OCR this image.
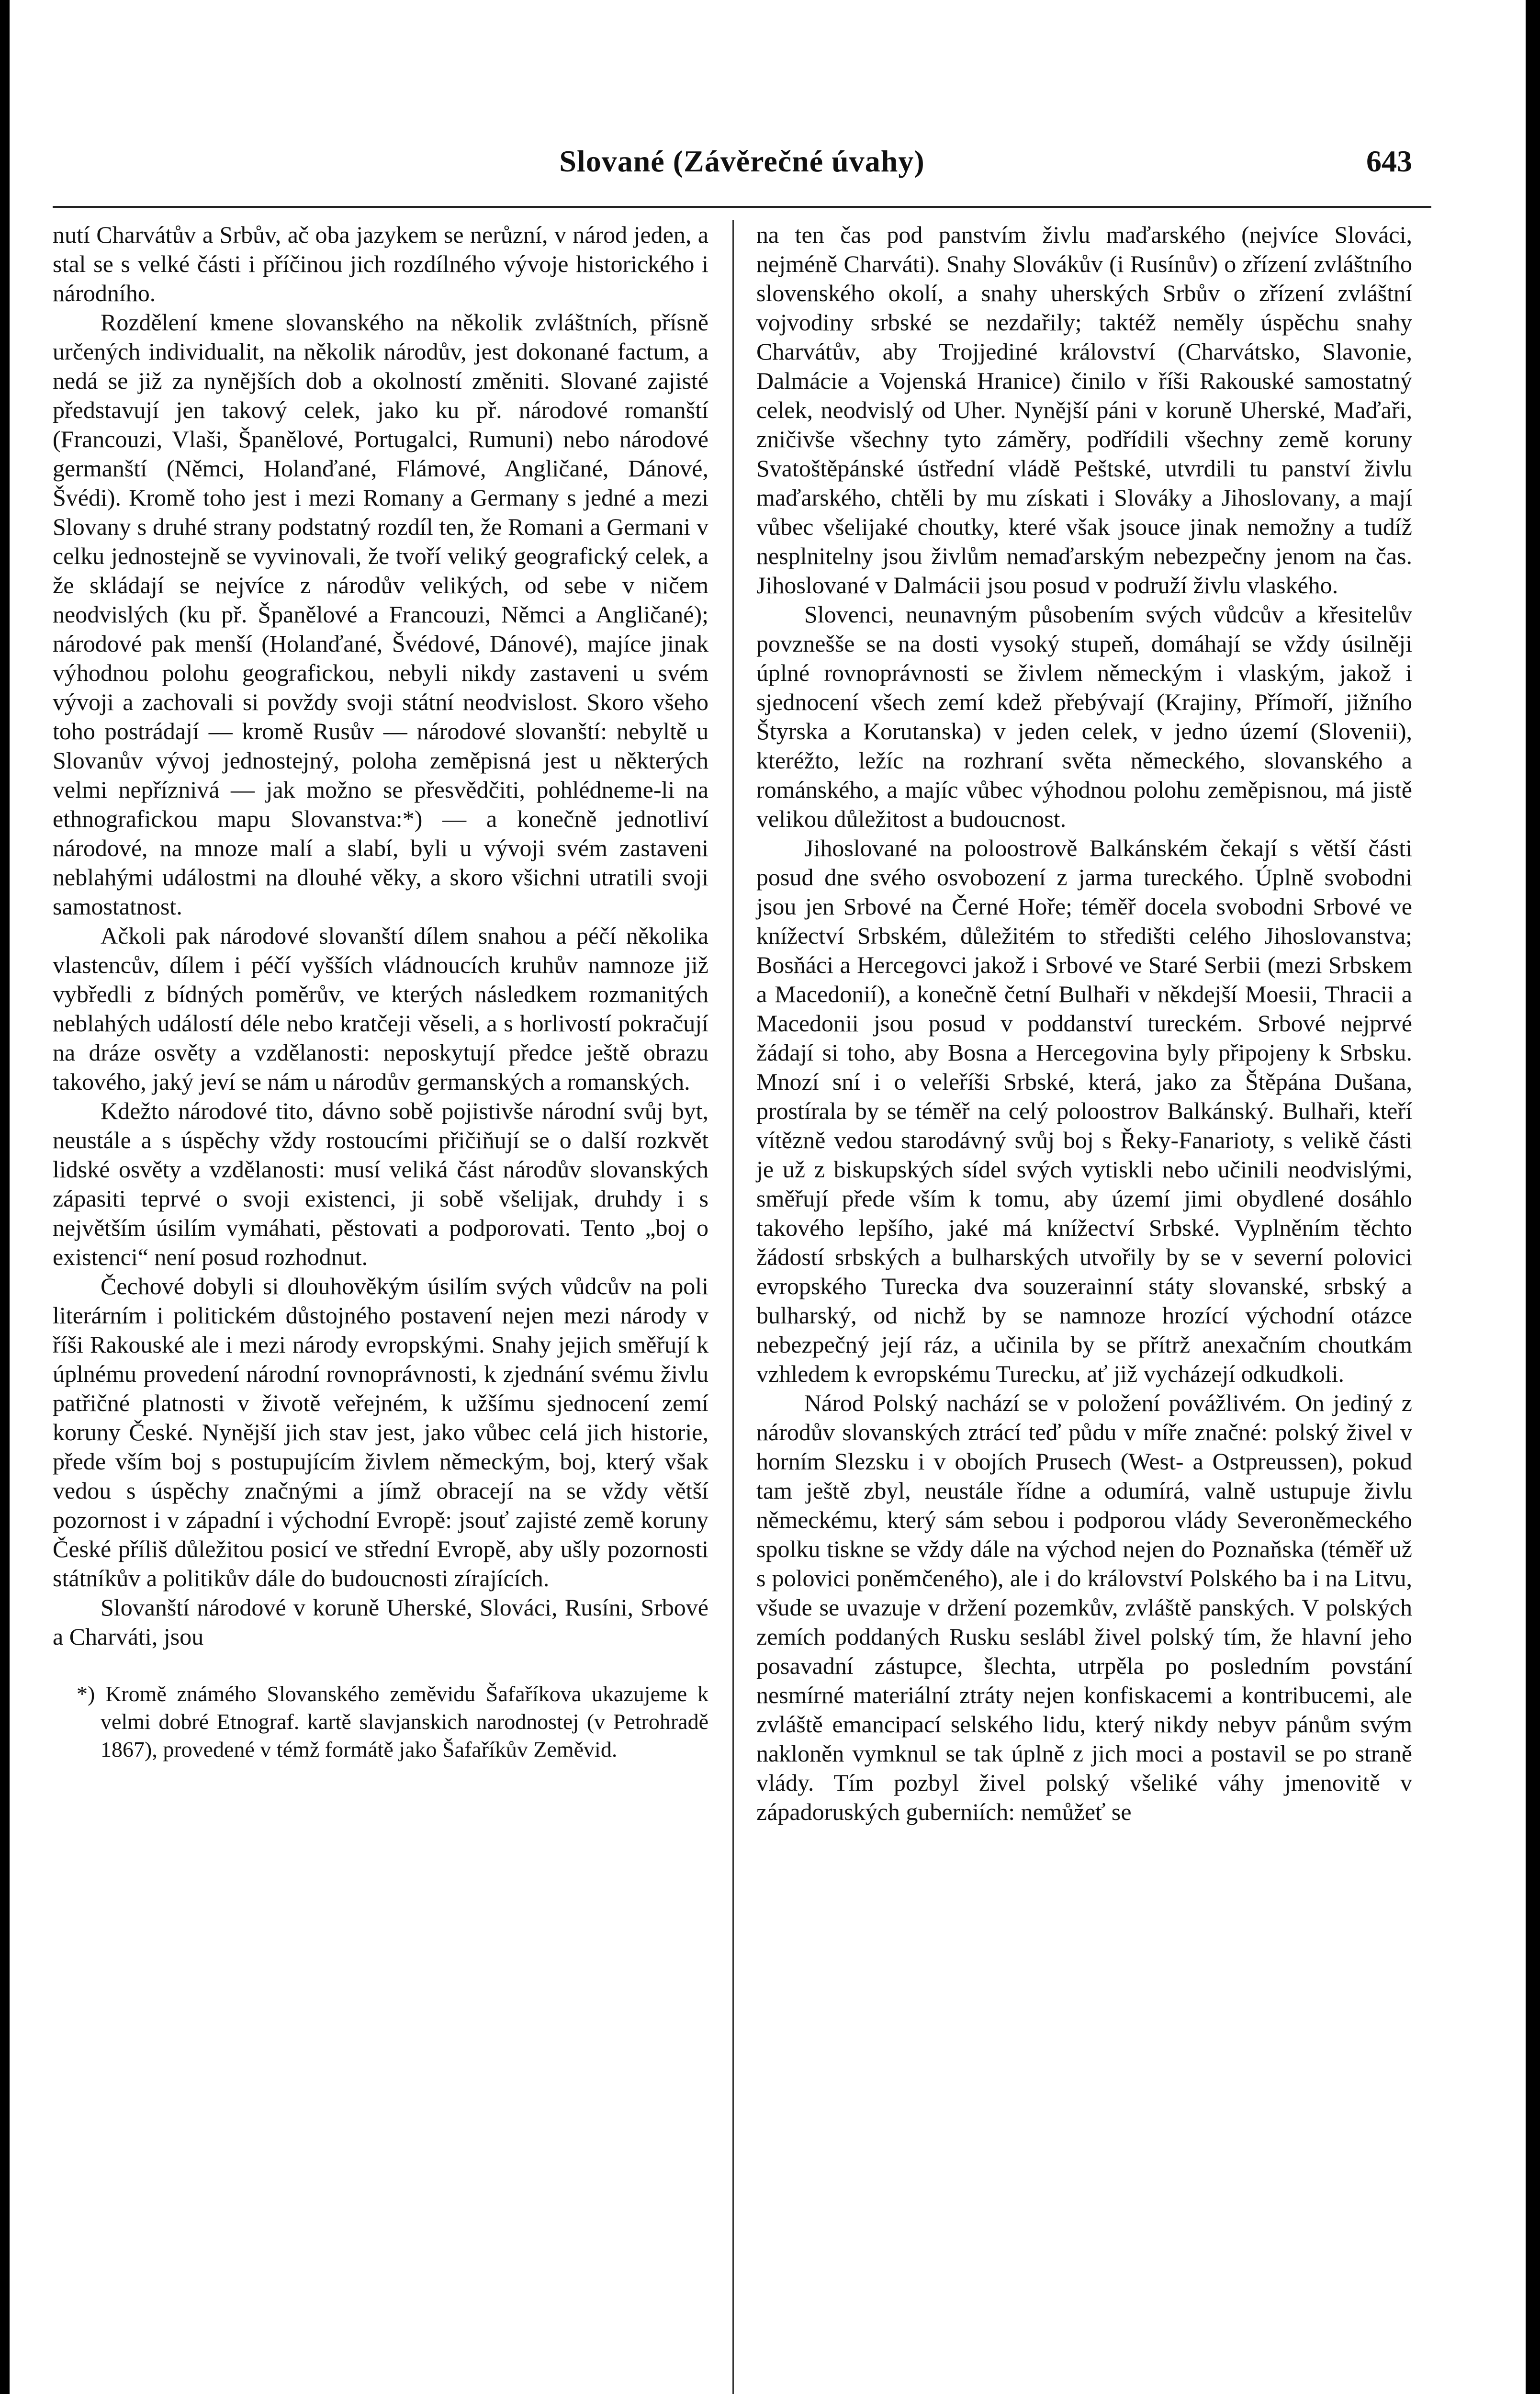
Slované (Závěrečné úvahy)	643

nutí Charvátův a Srbův, ač oba jazykem se nerůzní, v národ jeden, a stal se s velké části i příčinou jich rozdílného vývoje historického i národního.

Rozdělení kmene slovanského na několik zvláštních, přísně určených individualit, na několik národův, jest dokonané factum, a nedá se již za nynějších dob a okolností změniti. Slované zajisté představují jen takový celek, jako ku př. národové romanští (Francouzi, Vlaši, Španělové, Portugalci, Rumuni) nebo národové germanští (Němci, Holanďané, Flámové, Angličané, Dánové, Švédi). Kromě toho jest i mezi Romany a Germany s jedné a mezi Slovany s druhé strany podstatný rozdíl ten, že Romani a Germani v celku jednostejně se vyvinovali, že tvoří veliký geografický celek, a že skládají se nejvíce z národův velikých, od sebe v ničem neodvislých (ku př. Španělové a Francouzi, Němci a Angličané); národové pak menší (Holanďané, Švédové, Dánové), majíce jinak výhodnou polohu geografickou, nebyli nikdy zastaveni u svém vývoji a zachovali si povždy svoji státní neodvislost. Skoro všeho toho postrádají — kromě Rusův — národové slovanští: nebyltě u Slovanův vývoj jednostejný, poloha zeměpisná jest u některých velmi nepříznivá — jak možno se přesvědčiti, pohlédneme-li na ethnografickou mapu Slovanstva:*) — a konečně jednotliví národové, na mnoze malí a slabí, byli u vývoji svém zastaveni neblahými událostmi na dlouhé věky, a skoro všichni utratili svoji samostatnost.

Ačkoli pak národové slovanští dílem snahou a péčí několika vlastencův, dílem i péčí vyšších vládnoucích kruhův namnoze již vybředli z bídných poměrův, ve kterých následkem rozmanitých neblahých událostí déle nebo kratčeji věseli, a s horlivostí pokračují na dráze osvěty a vzdělanosti: neposkytují předce ještě obrazu takového, jaký jeví se nám u národův germanských a romanských.

Kdežto národové tito, dávno sobě pojistivše národní svůj byt, neustále a s úspěchy vždy rostoucími přičiňují se o další rozkvět lidské osvěty a vzdělanosti: musí veliká část národův slovanských zápasiti teprvé o svoji existenci, ji sobě všelijak, druhdy i s největším úsilím vymáhati, pěstovati a podporovati. Tento „boj o existenci“ není posud rozhodnut.

Čechové dobyli si dlouhověkým úsilím svých vůdcův na poli literárním i politickém důstojného postavení nejen mezi národy v říši Rakouské ale i mezi národy evropskými. Snahy jejich směřují k úplnému provedení národní rovnoprávnosti, k zjednání svému živlu patřičné platnosti v životě veřejném, k užšímu sjednocení zemí koruny České. Nynější jich stav jest, jako vůbec celá jich historie, přede vším boj s postupujícím živlem německým, boj, který však vedou s úspěchy značnými a jímž obracejí na se vždy větší pozornost i v západní i východní Evropě: jsouť zajisté země koruny České příliš důležitou posicí ve střední Evropě, aby ušly pozornosti státníkův a politikův dále do budoucnosti zírajících.

Slovanští národové v koruně Uherské, Slováci, Rusíni, Srbové a Charváti, jsou

*) Kromě známého Slovanského zeměvidu Šafaříkova ukazujeme k velmi dobré Etnograf. kartě slavjanskich narodnostej (v Petrohradě 1867), provedené v témž formátě jako Šafaříkův Zeměvid.

na ten čas pod panstvím živlu maďarského (nejvíce Slováci, nejméně Charváti). Snahy Slovákův (i Rusínův) o zřízení zvláštního slovenského okolí, a snahy uherských Srbův o zřízení zvláštní vojvodiny srbské se nezdařily; taktéž neměly úspěchu snahy Charvátův, aby Trojjediné království (Charvátsko, Slavonie, Dalmácie a Vojenská Hranice) činilo v říši Rakouské samostatný celek, neodvislý od Uher. Nynější páni v koruně Uherské, Maďaři, zničivše všechny tyto záměry, podřídili všechny země koruny Svatoštěpánské ústřední vládě Peštské, utvrdili tu panství živlu maďarského, chtěli by mu získati i Slováky a Jihoslovany, a mají vůbec všelijaké choutky, které však jsouce jinak nemožny a tudíž nesplnitelny jsou živlům nemaďarským nebezpečny jenom na čas. Jihoslované v Dalmácii jsou posud v podruží živlu vlaského.

Slovenci, neunavným působením svých vůdcův a křesitelův povznešše se na dosti vysoký stupeň, domáhají se vždy úsilněji úplné rovnoprávnosti se živlem německým i vlaským, jakož i sjednocení všech zemí kdež přebývají (Krajiny, Přímoří, jižního Štyrska a Korutanska) v jeden celek, v jedno území (Slovenii), kteréžto, ležíc na rozhraní světa německého, slovanského a románského, a majíc vůbec výhodnou polohu zeměpisnou, má jistě velikou důležitost a budoucnost.

Jihoslované na poloostrově Balkánském čekají s větší části posud dne svého osvobození z jarma tureckého. Úplně svobodni jsou jen Srbové na Černé Hoře; téměř docela svobodni Srbové ve knížectví Srbském, důležitém to středišti celého Jihoslovanstva; Bosňáci a Hercegovci jakož i Srbové ve Staré Serbii (mezi Srbskem a Macedonií), a konečně četní Bulhaři v někdejší Moesii, Thracii a Macedonii jsou posud v poddanství tureckém. Srbové nejprvé žádají si toho, aby Bosna a Hercegovina byly připojeny k Srbsku. Mnozí sní i o veleříši Srbské, která, jako za Štěpána Dušana, prostírala by se téměř na celý poloostrov Balkánský. Bulhaři, kteří vítězně vedou starodávný svůj boj s Řeky-Fanarioty, s velikě části je už z biskupských sídel svých vytiskli nebo učinili neodvislými, směřují přede vším k tomu, aby území jimi obydlené dosáhlo takového lepšího, jaké má knížectví Srbské. Vyplněním těchto žádostí srbských a bulharských utvořily by se v severní polovici evropského Turecka dva souzerainní státy slovanské, srbský a bulharský, od nichž by se namnoze hrozící východní otázce nebezpečný její ráz, a učinila by se přítrž anexačním choutkám vzhledem k evropskému Turecku, ať již vycházejí odkudkoli.

Národ Polský nachází se v položení povážlivém. On jediný z národův slovanských ztrácí teď půdu v míře značné: polský živel v horním Slezsku i v obojích Prusech (West- a Ostpreussen), pokud tam ještě zbyl, neustále řídne a odumírá, valně ustupuje živlu německému, který sám sebou i podporou vlády Severoněmeckého spolku tiskne se vždy dále na východ nejen do Poznaňska (téměř už s polovici poněmčeného), ale i do království Polského ba i na Litvu, všude se uvazuje v držení pozemkův, zvláště panských. V polských zemích poddaných Rusku seslábl živel polský tím, že hlavní jeho posavadní zástupce, šlechta, utrpěla po posledním povstání nesmírné materiální ztráty nejen konfiskacemi a kontribucemi, ale zvláště emancipací selského lidu, který nikdy nebyv pánům svým nakloněn vymknul se tak úplně z jich moci a postavil se po straně vlády. Tím pozbyl živel polský všeliké váhy jmenovitě v západoruských guberniích: nemůžeť se
